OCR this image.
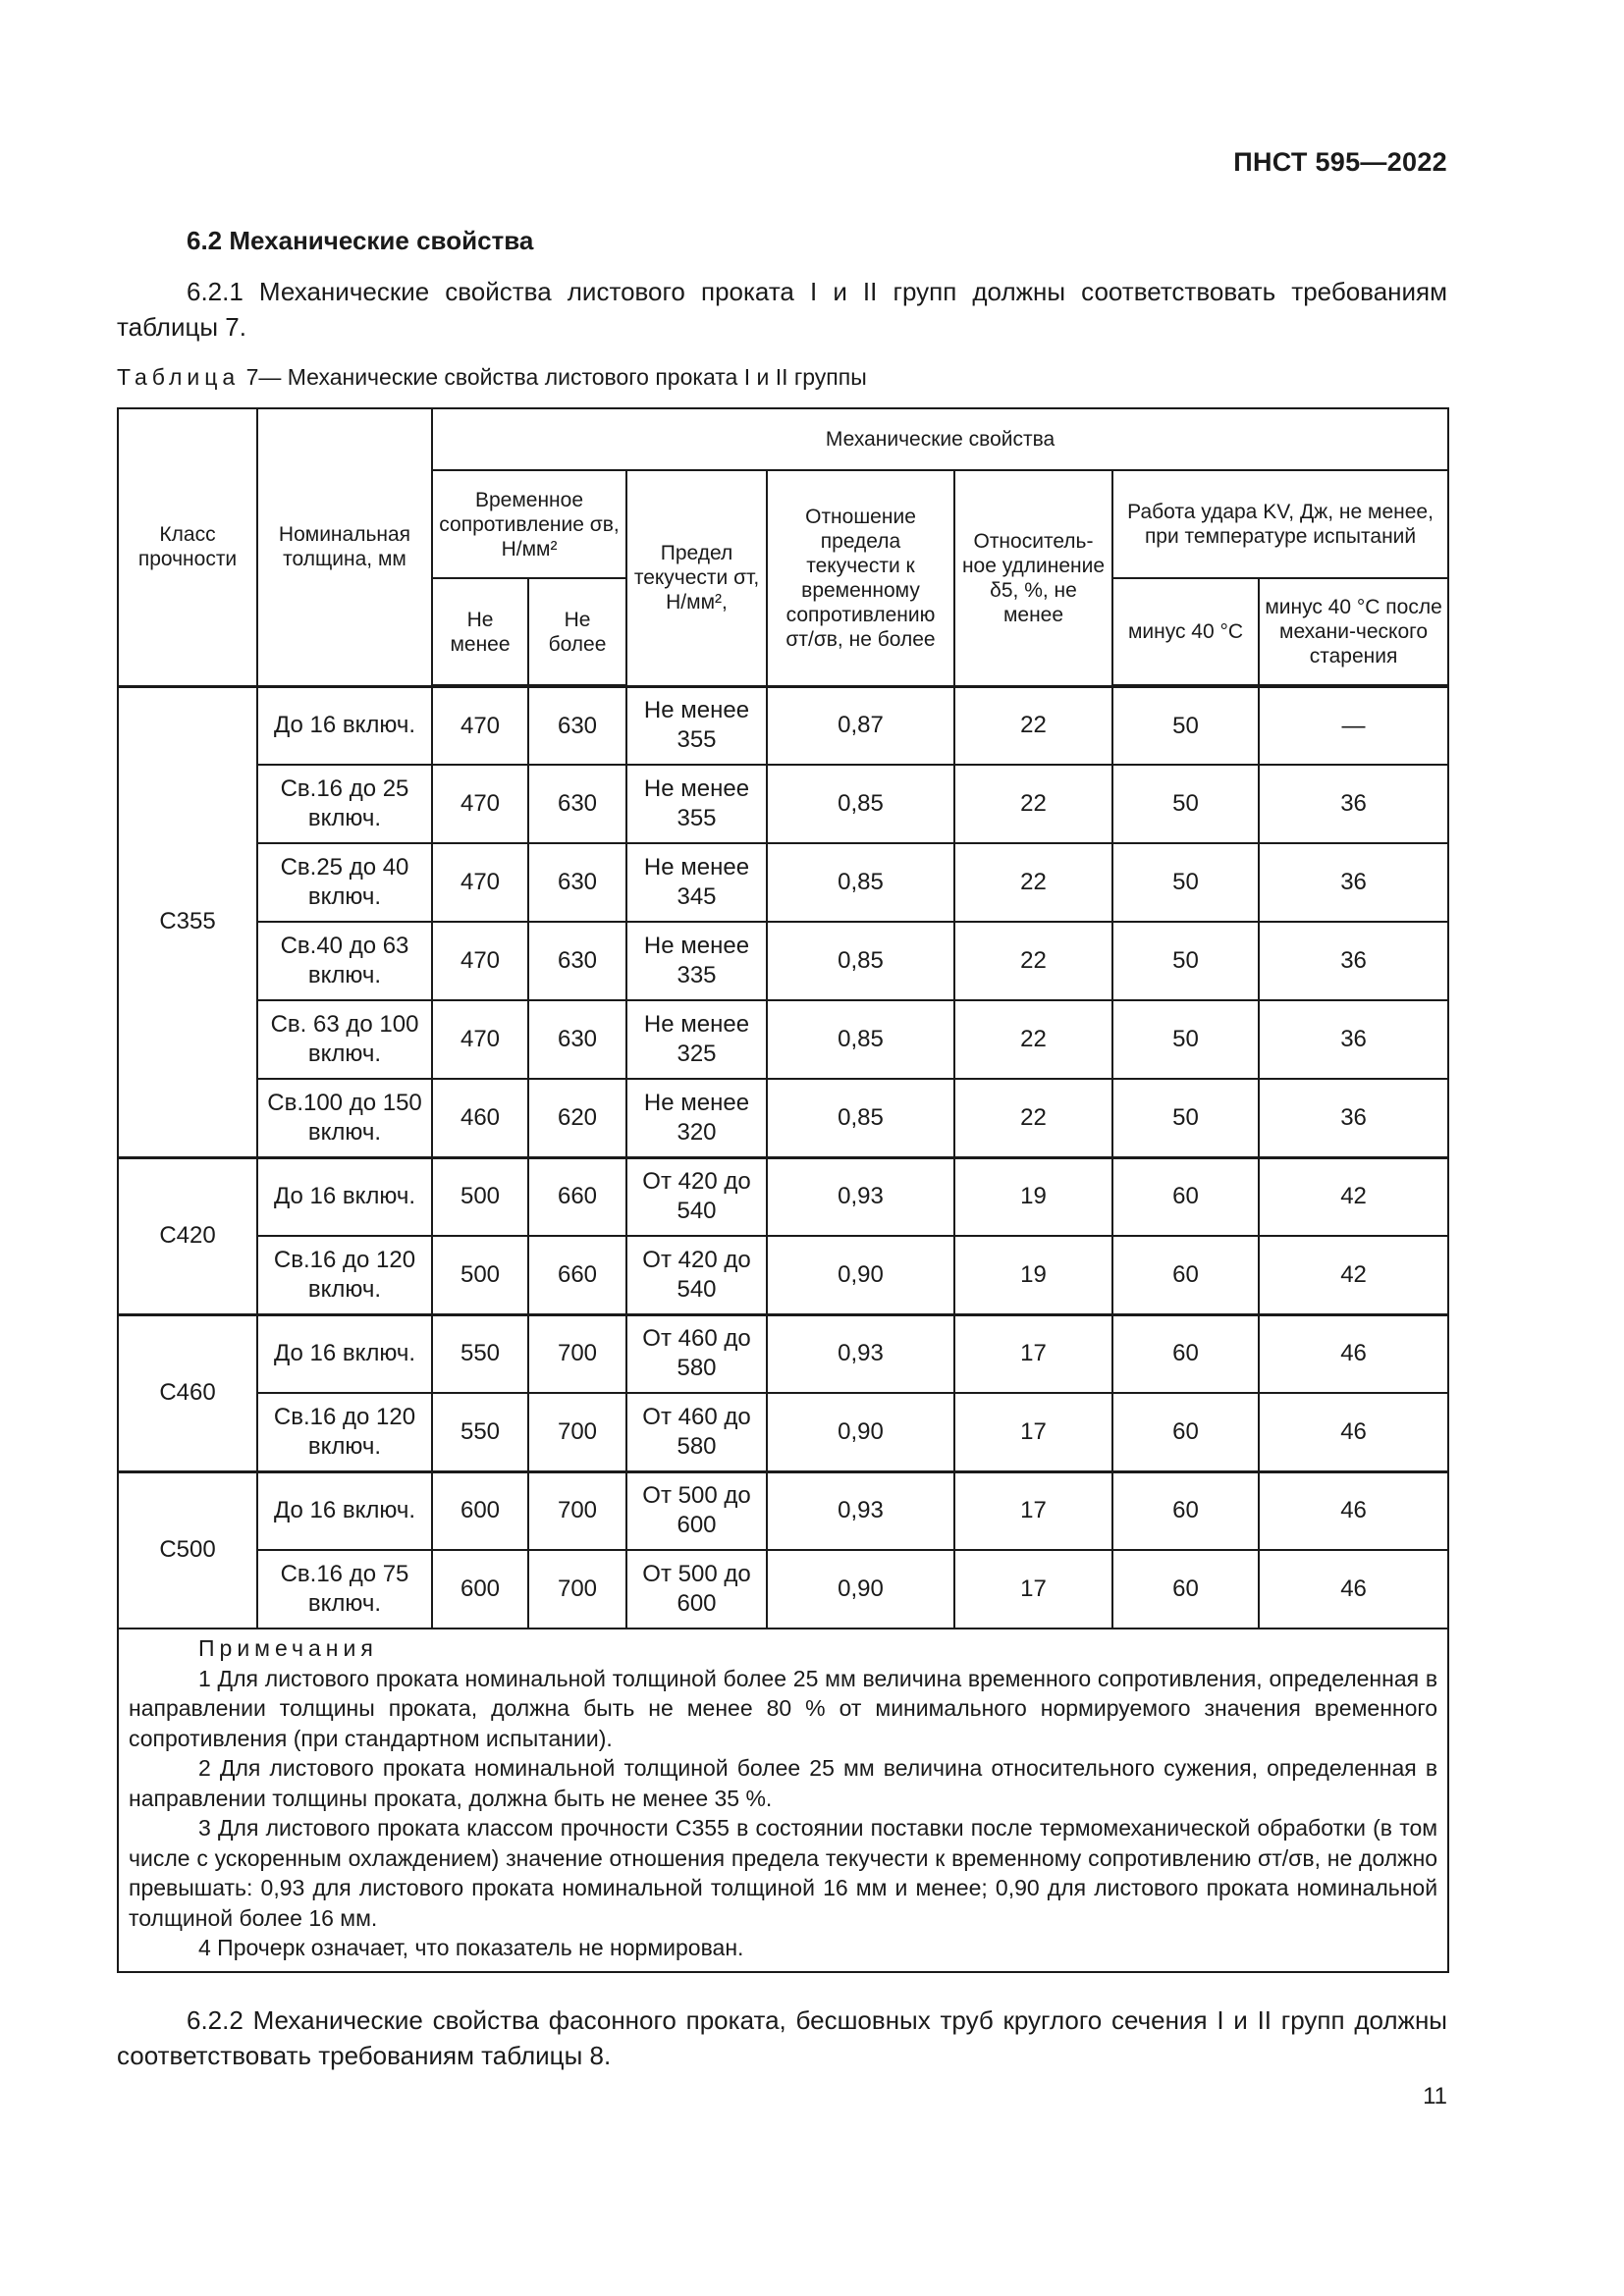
ПНСТ 595—2022
6.2 Механические свойства
6.2.1 Механические свойства листового проката I и II групп должны соответствовать требованиям таблицы 7.
Таблица 7— Механические свойства листового проката I и II группы
Класс прочности	Номинальная толщина, мм	Механические свойства						
		Временное сопротивление σв, Н/мм²		Предел текучести σт, Н/мм²,	Отношение предела текучести к временному сопротивлению σт/σв, не более	Относитель-ное удлинение δ5, %, не менее	Работа удара KV, Дж, не менее, при температуре испытаний	
		Не менее	Не более				минус 40 °С	минус 40 °С после механи-ческого старения
С355	До 16 включ.	470	630	Не менее 355	0,87	22	50	—
	Св.16 до 25 включ.	470	630	Не менее 355	0,85	22	50	36
	Св.25 до 40 включ.	470	630	Не менее 345	0,85	22	50	36
	Св.40 до 63 включ.	470	630	Не менее 335	0,85	22	50	36
	Св. 63 до 100 включ.	470	630	Не менее 325	0,85	22	50	36
	Св.100 до 150 включ.	460	620	Не менее 320	0,85	22	50	36
С420	До 16 включ.	500	660	От 420 до 540	0,93	19	60	42
	Св.16 до 120 включ.	500	660	От 420 до 540	0,90	19	60	42
С460	До 16 включ.	550	700	От 460 до 580	0,93	17	60	46
	Св.16 до 120 включ.	550	700	От 460 до 580	0,90	17	60	46
С500	До 16 включ.	600	700	От 500 до 600	0,93	17	60	46
	Св.16 до 75 включ.	600	700	От 500 до 600	0,90	17	60	46

Примечания
1 Для листового проката номинальной толщиной более 25 мм величина временного сопротивления, определенная в направлении толщины проката, должна быть не менее 80 % от минимального нормируемого значения временного сопротивления (при стандартном испытании).
2 Для листового проката номинальной толщиной более 25 мм величина относительного сужения, определенная в направлении толщины проката, должна быть не менее 35 %.
3 Для листового проката классом прочности С355 в состоянии поставки после термомеханической обработки (в том числе с ускоренным охлаждением) значение отношения предела текучести к временному сопротивлению σт/σв, не должно превышать: 0,93 для листового проката номинальной толщиной 16 мм и менее; 0,90 для листового проката номинальной толщиной более 16 мм.
4 Прочерк означает, что показатель не нормирован.								
6.2.2 Механические свойства фасонного проката, бесшовных труб круглого сечения I и II групп должны соответствовать требованиям таблицы 8.
11
